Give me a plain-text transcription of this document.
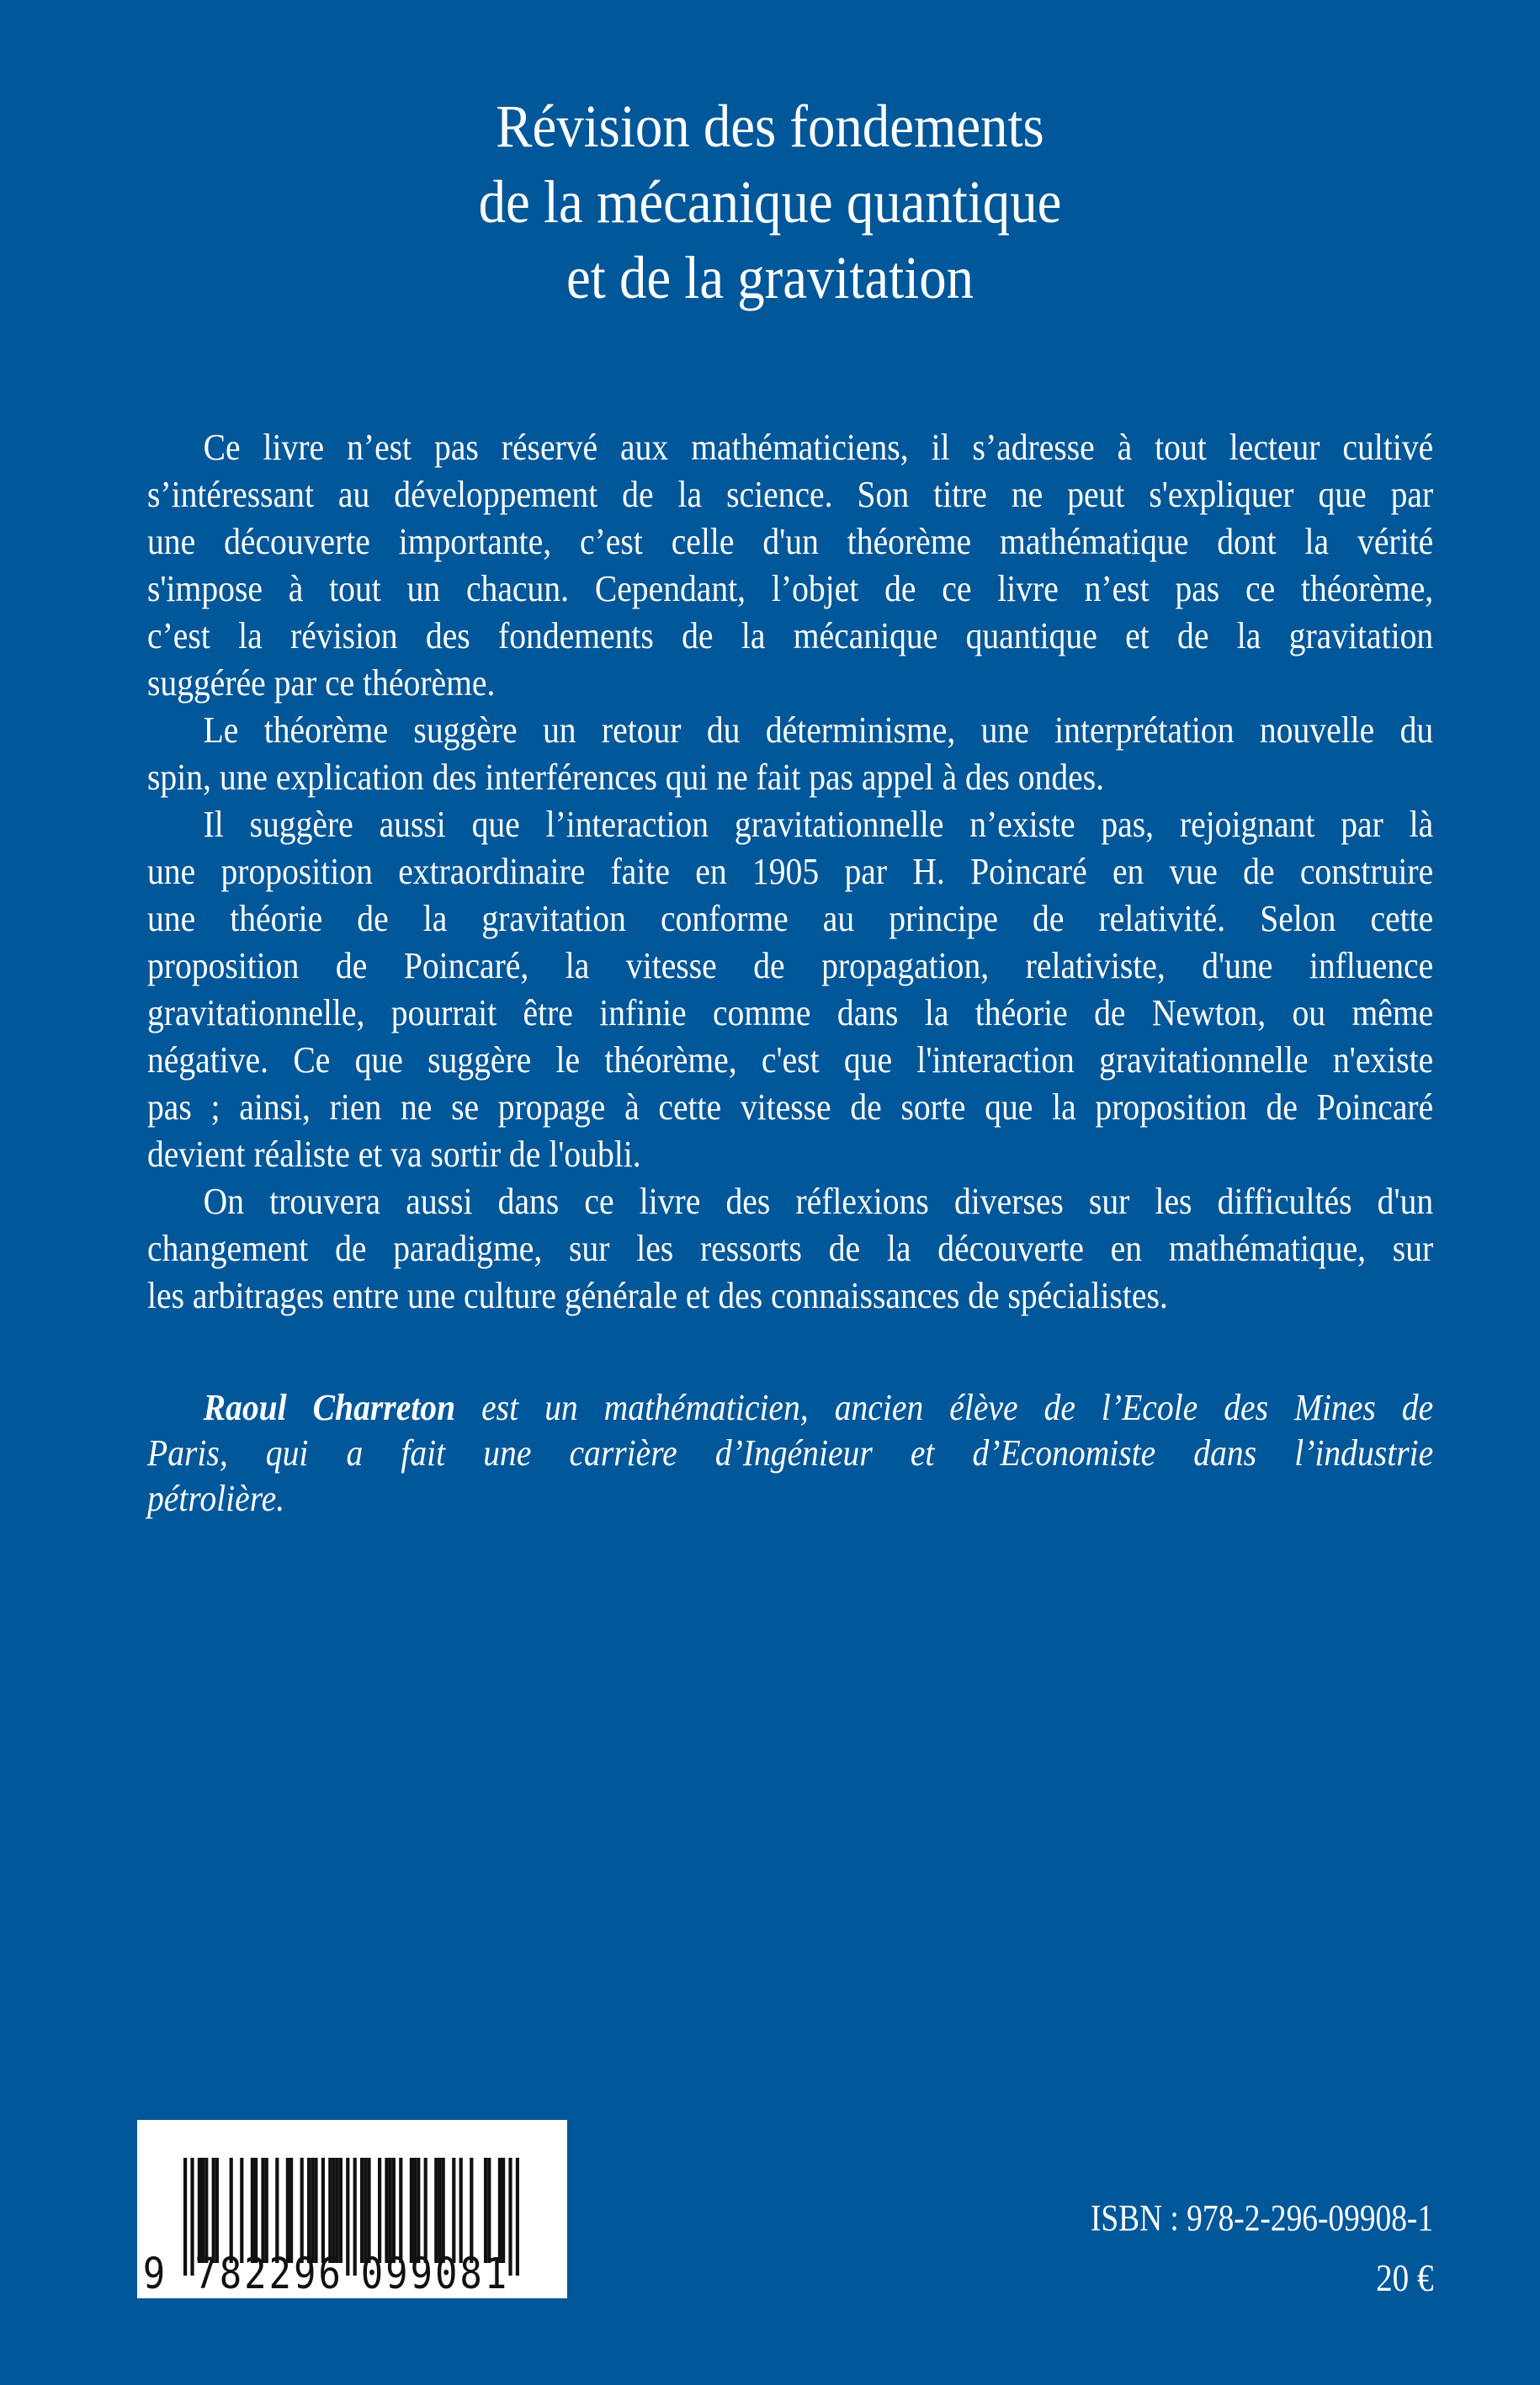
Révision des fondements
de la mécanique quantique
et de la gravitation
Ce livre n’est pas réservé aux mathématiciens, il s’adresse à tout lecteur cultivé
s’intéressant au développement de la science. Son titre ne peut s'expliquer que par
une découverte importante, c’est celle d'un théorème mathématique dont la vérité
s'impose à tout un chacun. Cependant, l’objet de ce livre n’est pas ce théorème,
c’est la révision des fondements de la mécanique quantique et de la gravitation
suggérée par ce théorème.
Le théorème suggère un retour du déterminisme, une interprétation nouvelle du
spin, une explication des interférences qui ne fait pas appel à des ondes.
Il suggère aussi que l’interaction gravitationnelle n’existe pas, rejoignant par là
une proposition extraordinaire faite en 1905 par H. Poincaré en vue de construire
une théorie de la gravitation conforme au principe de relativité. Selon cette
proposition de Poincaré, la vitesse de propagation, relativiste, d'une influence
gravitationnelle, pourrait être infinie comme dans la théorie de Newton, ou même
négative. Ce que suggère le théorème, c'est que l'interaction gravitationnelle n'existe
pas ; ainsi, rien ne se propage à cette vitesse de sorte que la proposition de Poincaré
devient réaliste et va sortir de l'oubli.
On trouvera aussi dans ce livre des réflexions diverses sur les difficultés d'un
changement de paradigme, sur les ressorts de la découverte en mathématique, sur
les arbitrages entre une culture générale et des connaissances de spécialistes.
Raoul Charreton est un mathématicien, ancien élève de l’Ecole des Mines de
Paris, qui a fait une carrière d’Ingénieur et d’Economiste dans l’industrie
pétrolière.
9 7 8 2 2 9 6 0 9 9 0 8 1
ISBN : 978-2-296-09908-1
20 €
